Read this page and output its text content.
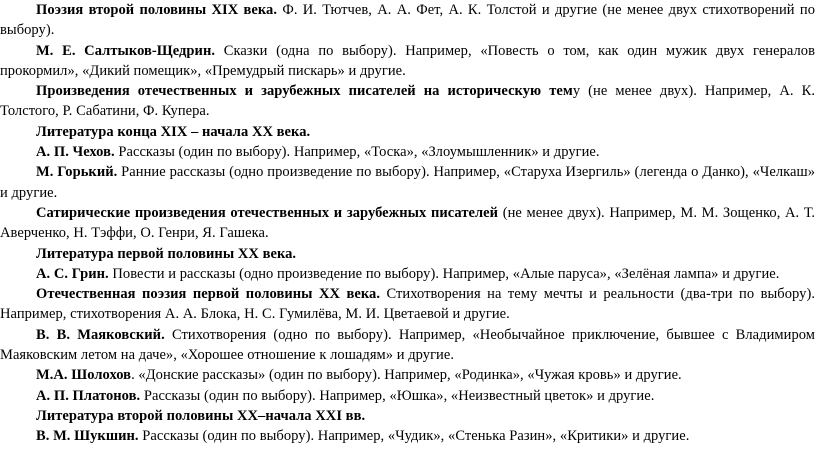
Поэзия второй половины XIX века. Ф. И. Тютчев, А. А. Фет, А. К. Толстой и другие (не менее двух стихотворений по выбору).

М. Е. Салтыков-Щедрин. Сказки (одна по выбору). Например, «Повесть о том, как один мужик двух генералов прокормил», «Дикий помещик», «Премудрый пискарь» и другие.

Произведения отечественных и зарубежных писателей на историческую тему (не менее двух). Например, А. К. Толстого, Р. Сабатини, Ф. Купера.

Литература конца XIX – начала XX века.

А. П. Чехов. Рассказы (один по выбору). Например, «Тоска», «Злоумышленник» и другие.

М. Горький. Ранние рассказы (одно произведение по выбору). Например, «Старуха Изергиль» (легенда о Данко), «Челкаш» и другие.

Сатирические произведения отечественных и зарубежных писателей (не менее двух). Например, М. М. Зощенко, А. Т. Аверченко, Н. Тэффи, О. Генри, Я. Гашека.

Литература первой половины XX века.

А. С. Грин. Повести и рассказы (одно произведение по выбору). Например, «Алые паруса», «Зелёная лампа» и другие.

Отечественная поэзия первой половины XX века. Стихотворения на тему мечты и реальности (два-три по выбору). Например, стихотворения А. А. Блока, Н. С. Гумилёва, М. И. Цветаевой и другие.

В. В. Маяковский. Стихотворения (одно по выбору). Например, «Необычайное приключение, бывшее с Владимиром Маяковским летом на даче», «Хорошее отношение к лошадям» и другие.

М.А. Шолохов. «Донские рассказы» (один по выбору). Например, «Родинка», «Чужая кровь» и другие.

А. П. Платонов. Рассказы (один по выбору). Например, «Юшка», «Неизвестный цветок» и другие.

Литература второй половины XX–начала XXI вв.

В. М. Шукшин. Рассказы (один по выбору). Например, «Чудик», «Стенька Разин», «Критики» и другие.
